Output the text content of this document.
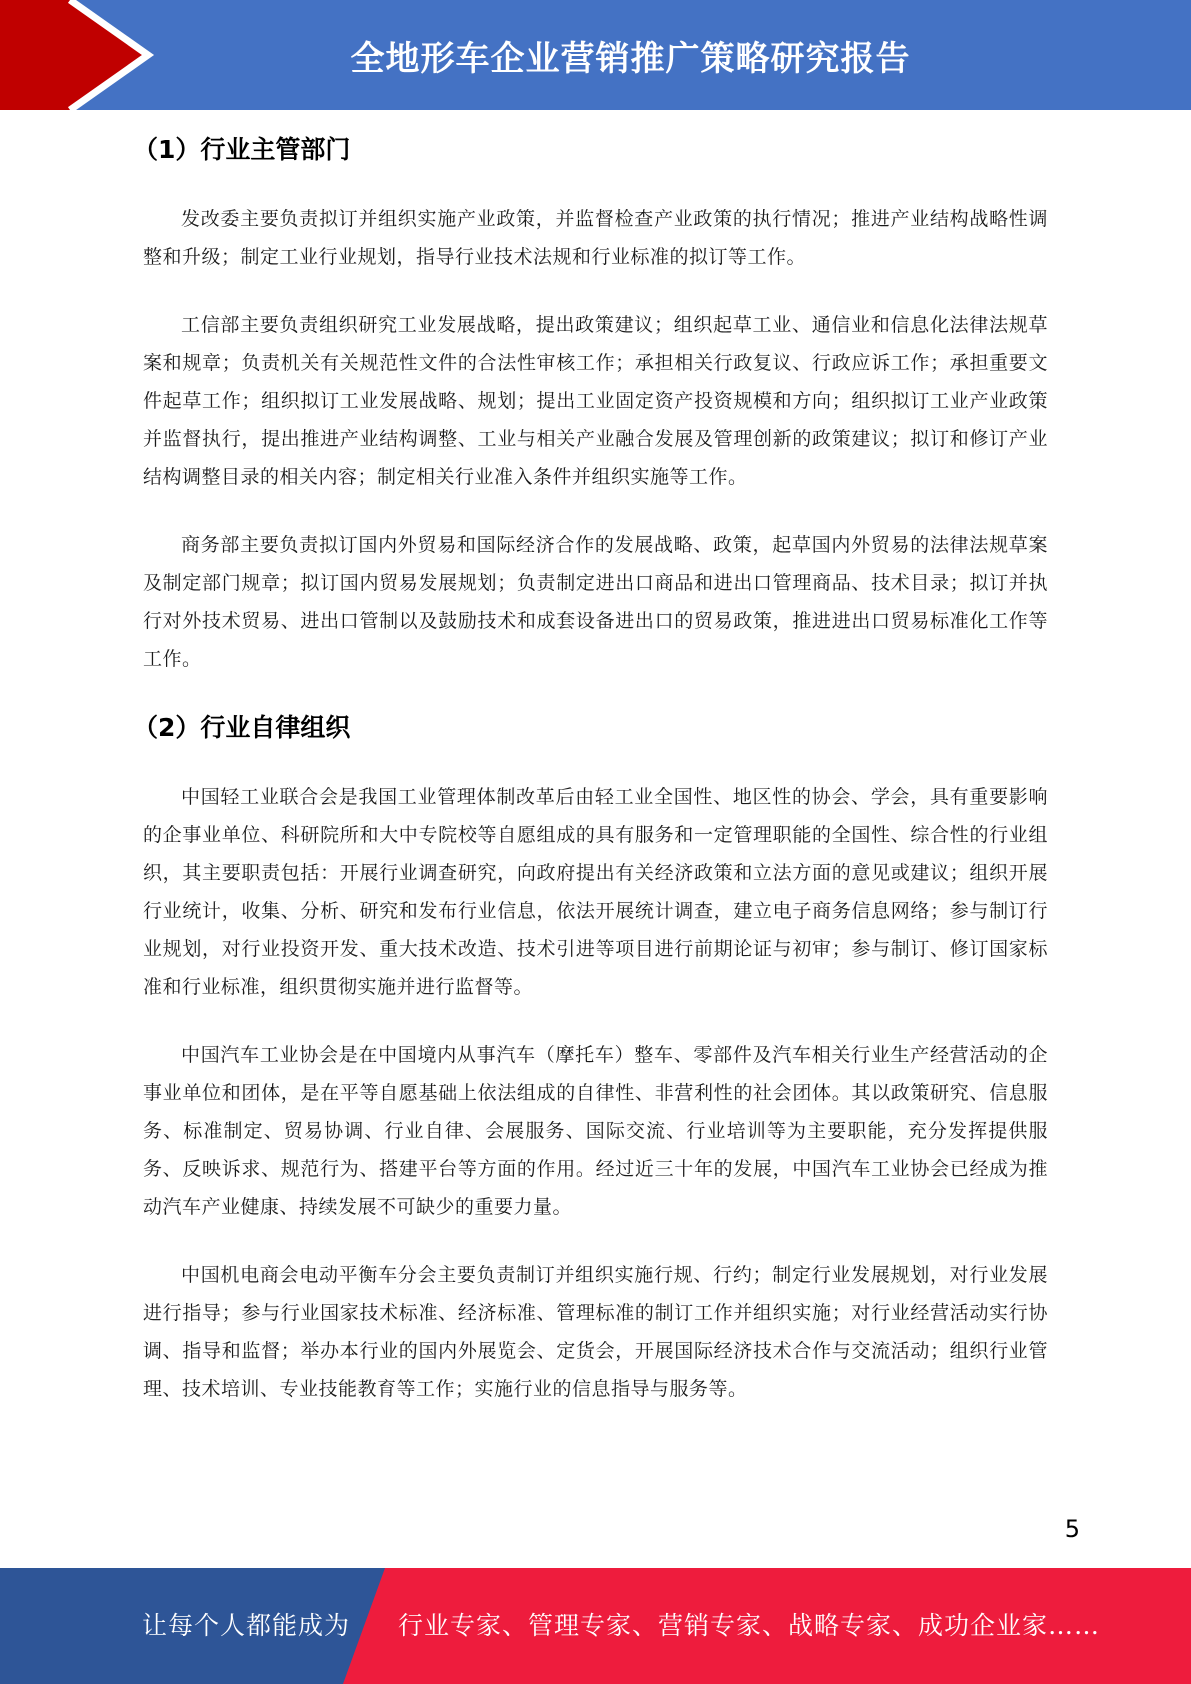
全地形车企业营销推广策略研究报告
（1）行业主管部门

发改委主要负责拟订并组织实施产业政策，并监督检查产业政策的执行情况；推进产业结构战略性调整和升级；制定工业行业规划，指导行业技术法规和行业标准的拟订等工作。

工信部主要负责组织研究工业发展战略，提出政策建议；组织起草工业、通信业和信息化法律法规草案和规章；负责机关有关规范性文件的合法性审核工作；承担相关行政复议、行政应诉工作；承担重要文件起草工作；组织拟订工业发展战略、规划；提出工业固定资产投资规模和方向；组织拟订工业产业政策并监督执行，提出推进产业结构调整、工业与相关产业融合发展及管理创新的政策建议；拟订和修订产业结构调整目录的相关内容；制定相关行业准入条件并组织实施等工作。

商务部主要负责拟订国内外贸易和国际经济合作的发展战略、政策，起草国内外贸易的法律法规草案及制定部门规章；拟订国内贸易发展规划；负责制定进出口商品和进出口管理商品、技术目录；拟订并执行对外技术贸易、进出口管制以及鼓励技术和成套设备进出口的贸易政策，推进进出口贸易标准化工作等工作。

（2）行业自律组织

中国轻工业联合会是我国工业管理体制改革后由轻工业全国性、地区性的协会、学会，具有重要影响的企事业单位、科研院所和大中专院校等自愿组成的具有服务和一定管理职能的全国性、综合性的行业组织，其主要职责包括：开展行业调查研究，向政府提出有关经济政策和立法方面的意见或建议；组织开展行业统计，收集、分析、研究和发布行业信息，依法开展统计调查，建立电子商务信息网络；参与制订行业规划，对行业投资开发、重大技术改造、技术引进等项目进行前期论证与初审；参与制订、修订国家标准和行业标准，组织贯彻实施并进行监督等。

中国汽车工业协会是在中国境内从事汽车（摩托车）整车、零部件及汽车相关行业生产经营活动的企事业单位和团体，是在平等自愿基础上依法组成的自律性、非营利性的社会团体。其以政策研究、信息服务、标准制定、贸易协调、行业自律、会展服务、国际交流、行业培训等为主要职能，充分发挥提供服务、反映诉求、规范行为、搭建平台等方面的作用。经过近三十年的发展，中国汽车工业协会已经成为推动汽车产业健康、持续发展不可缺少的重要力量。

中国机电商会电动平衡车分会主要负责制订并组织实施行规、行约；制定行业发展规划，对行业发展进行指导；参与行业国家技术标准、经济标准、管理标准的制订工作并组织实施；对行业经营活动实行协调、指导和监督；举办本行业的国内外展览会、定货会，开展国际经济技术合作与交流活动；组织行业管理、技术培训、专业技能教育等工作；实施行业的信息指导与服务等。

5
让每个人都能成为 行业专家、管理专家、营销专家、战略专家、成功企业家……
